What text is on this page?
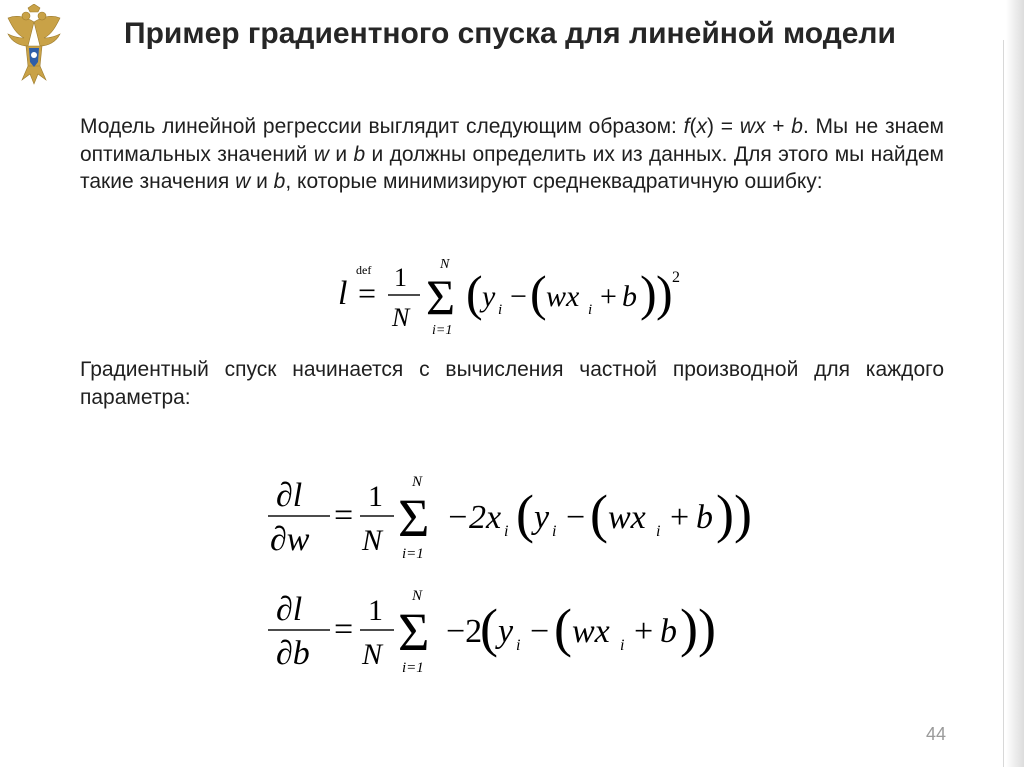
Пример градиентного спуска для линейной модели
Модель линейной регрессии выглядит следующим образом: f(x) = wx + b. Мы не знаем оптимальных значений w и b и должны определить их из данных. Для этого мы найдем такие значения w и b, которые минимизируют среднеквадратичную ошибку:
l
def
= 1
N
N
Σ
i=1
( y i − ( wx i + b ) ) 2
Градиентный спуск начинается с вычисления частной производной для каждого параметра:
∂l
∂w
=
1
N
N
Σ
i=1
−2x i ( y i − ( wx i + b ) )
∂l
∂b
=
1
N
N
Σ
i=1
−2
( y i − ( wx i + b ) )
44
